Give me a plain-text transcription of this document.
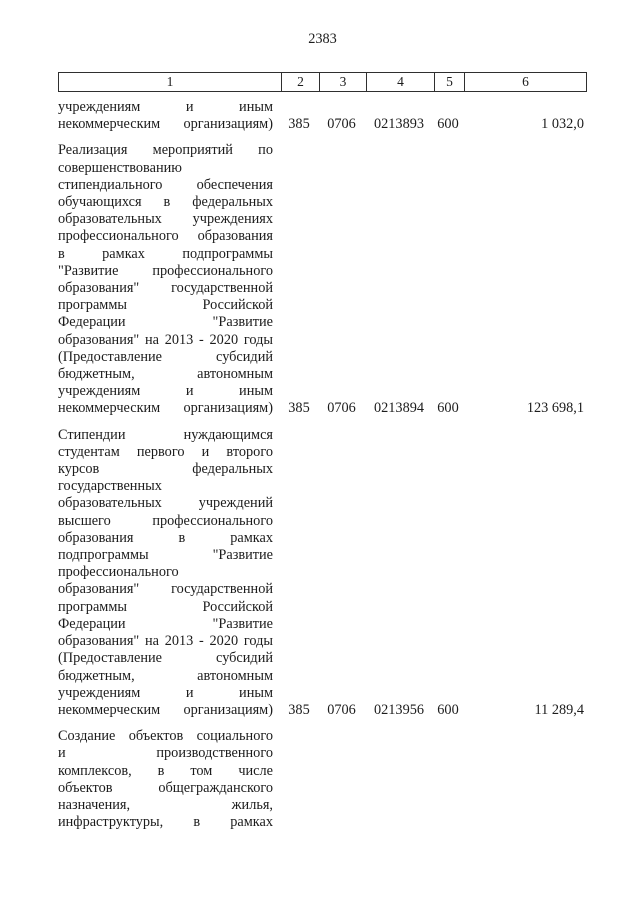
2383
1	2	3	4	5	6
учреждениям и иным
некоммерческим организациям)	385	0706	0213893 600	1 032,0
Реализация мероприятий по
совершенствованию
стипендиального обеспечения
обучающихся в федеральных
образовательных учреждениях
профессионального образования
в рамках подпрограммы
"Развитие профессионального
образования" государственной
программы Российской
Федерации "Развитие
образования" на 2013 - 2020 годы
(Предоставление субсидий
бюджетным, автономным
учреждениям и иным
некоммерческим организациям)	385	0706	0213894 600	123 698,1
Стипендии нуждающимся
студентам первого и второго
курсов федеральных
государственных
образовательных учреждений
высшего профессионального
образования в рамках
подпрограммы "Развитие
профессионального
образования" государственной
программы Российской
Федерации "Развитие
образования" на 2013 - 2020 годы
(Предоставление субсидий
бюджетным, автономным
учреждениям и иным
некоммерческим организациям)	385	0706	0213956 600	11 289,4
Создание объектов социального
и производственного
комплексов, в том числе
объектов общегражданского
назначения, жилья,
инфраструктуры, в рамках
